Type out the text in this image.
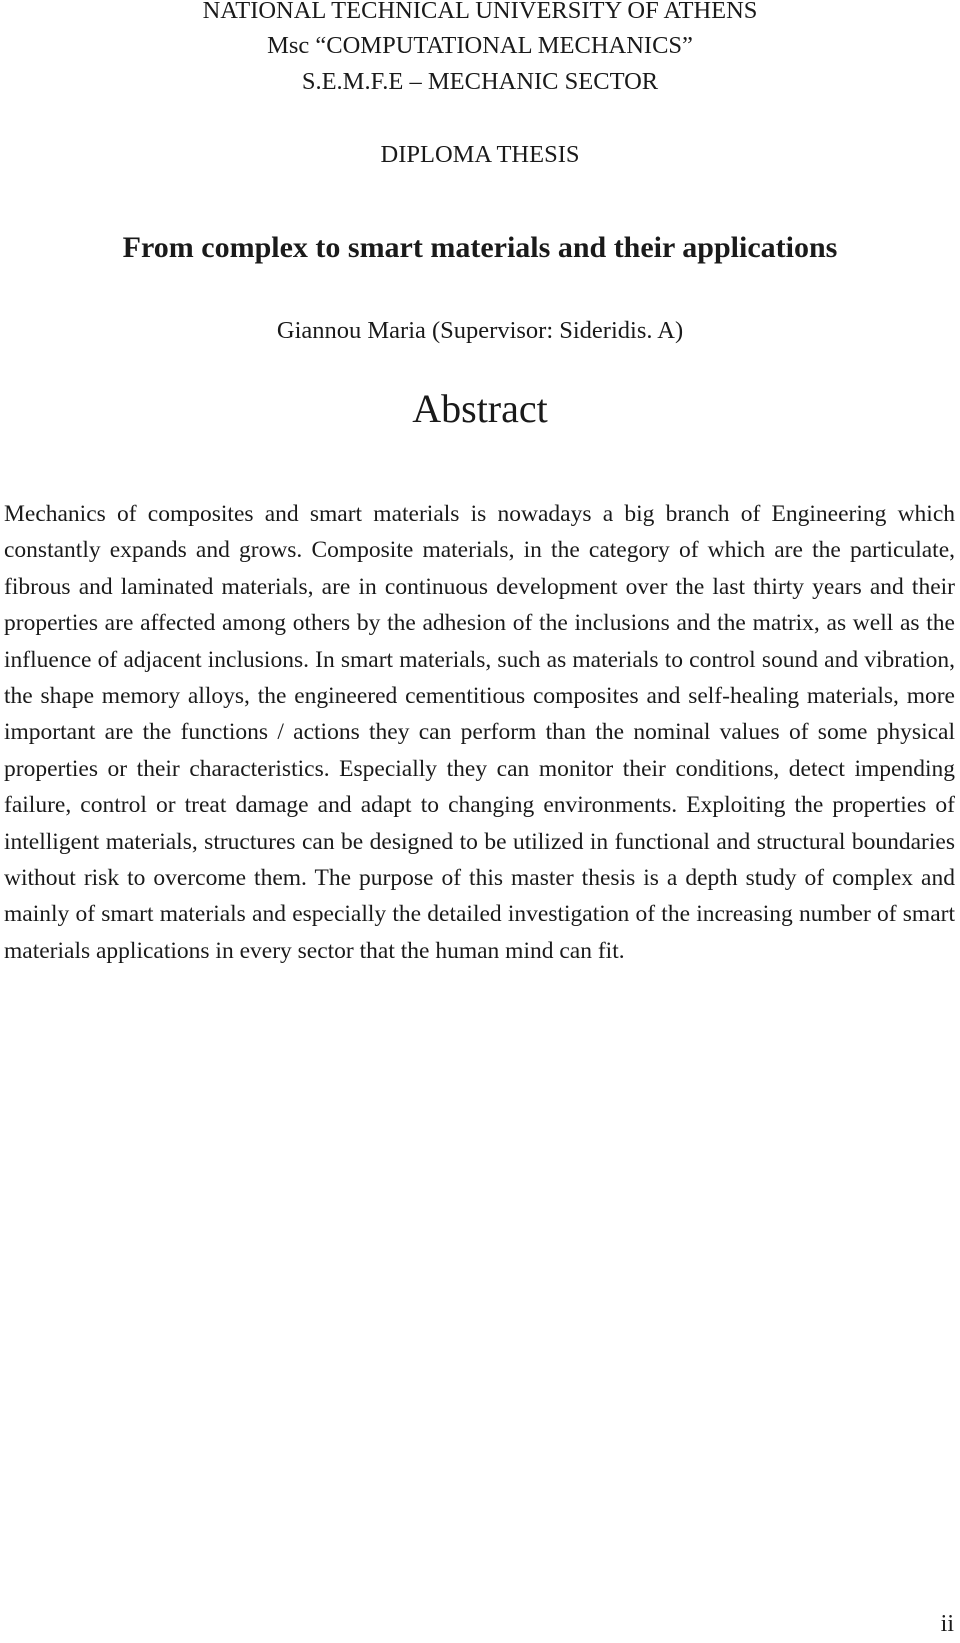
NATIONAL TECHNICAL UNIVERSITY OF ATHENS
Msc “COMPUTATIONAL MECHANICS”
S.E.M.F.E – MECHANIC SECTOR
DIPLOMA THESIS
From complex to smart materials and their applications
Giannou Maria (Supervisor: Sideridis. A)
Abstract

Mechanics of composites and smart materials is nowadays a big branch of Engineering which constantly expands and grows. Composite materials, in the category of which are the particulate, fibrous and laminated materials, are in continuous development over the last thirty years and their properties are affected among others by the adhesion of the inclusions and the matrix, as well as the influence of adjacent inclusions. In smart materials, such as materials to control sound and vibration, the shape memory alloys, the engineered cementitious composites and self-healing materials, more important are the functions / actions they can perform than the nominal values of some physical properties or their characteristics. Especially they can monitor their conditions, detect impending failure, control or treat damage and adapt to changing environments. Exploiting the properties of intelligent materials, structures can be designed to be utilized in functional and structural boundaries without risk to overcome them. The purpose of this master thesis is a depth study of complex and mainly of smart materials and especially the detailed investigation of the increasing number of smart materials applications in every sector that the human mind can fit.

ii
